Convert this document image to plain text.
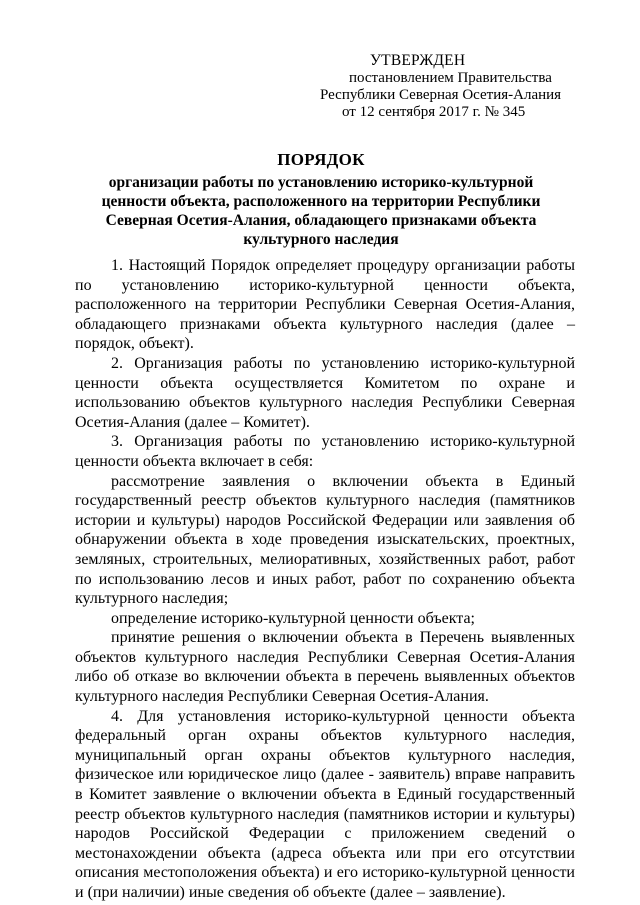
УТВЕРЖДЕН
постановлением Правительства
Республики Северная Осетия-Алания
от 12 сентября 2017 г. № 345
ПОРЯДОК
организации работы по установлению историко-культурной
ценности объекта, расположенного на территории Республики
Северная Осетия-Алания, обладающего признаками объекта
культурного наследия

1. Настоящий Порядок определяет процедуру организации работы по установлению историко-культурной ценности объекта, расположенного на территории Республики Северная Осетия-Алания, обладающего признаками объекта культурного наследия (далее – порядок, объект).

2. Организация работы по установлению историко-культурной ценности объекта осуществляется Комитетом по охране и использованию объектов культурного наследия Республики Северная Осетия-Алания (далее – Комитет).

3. Организация работы по установлению историко-культурной ценности объекта включает в себя:

рассмотрение заявления о включении объекта в Единый государственный реестр объектов культурного наследия (памятников истории и культуры) народов Российской Федерации или заявления об обнаружении объекта в ходе проведения изыскательских, проектных, земляных, строительных, мелиоративных, хозяйственных работ, работ по использованию лесов и иных работ, работ по сохранению объекта культурного наследия;

определение историко-культурной ценности объекта;

принятие решения о включении объекта в Перечень выявленных объектов культурного наследия Республики Северная Осетия-Алания либо об отказе во включении объекта в перечень выявленных объектов культурного наследия Республики Северная Осетия-Алания.

4. Для установления историко-культурной ценности объекта федеральный орган охраны объектов культурного наследия, муниципальный орган охраны объектов культурного наследия, физическое или юридическое лицо (далее - заявитель) вправе направить в Комитет заявление о включении объекта в Единый государственный реестр объектов культурного наследия (памятников истории и культуры) народов Российской Федерации с приложением сведений о местонахождении объекта (адреса объекта или при его отсутствии описания местоположения объекта) и его историко-культурной ценности и (при наличии) иные сведения об объекте (далее – заявление).
